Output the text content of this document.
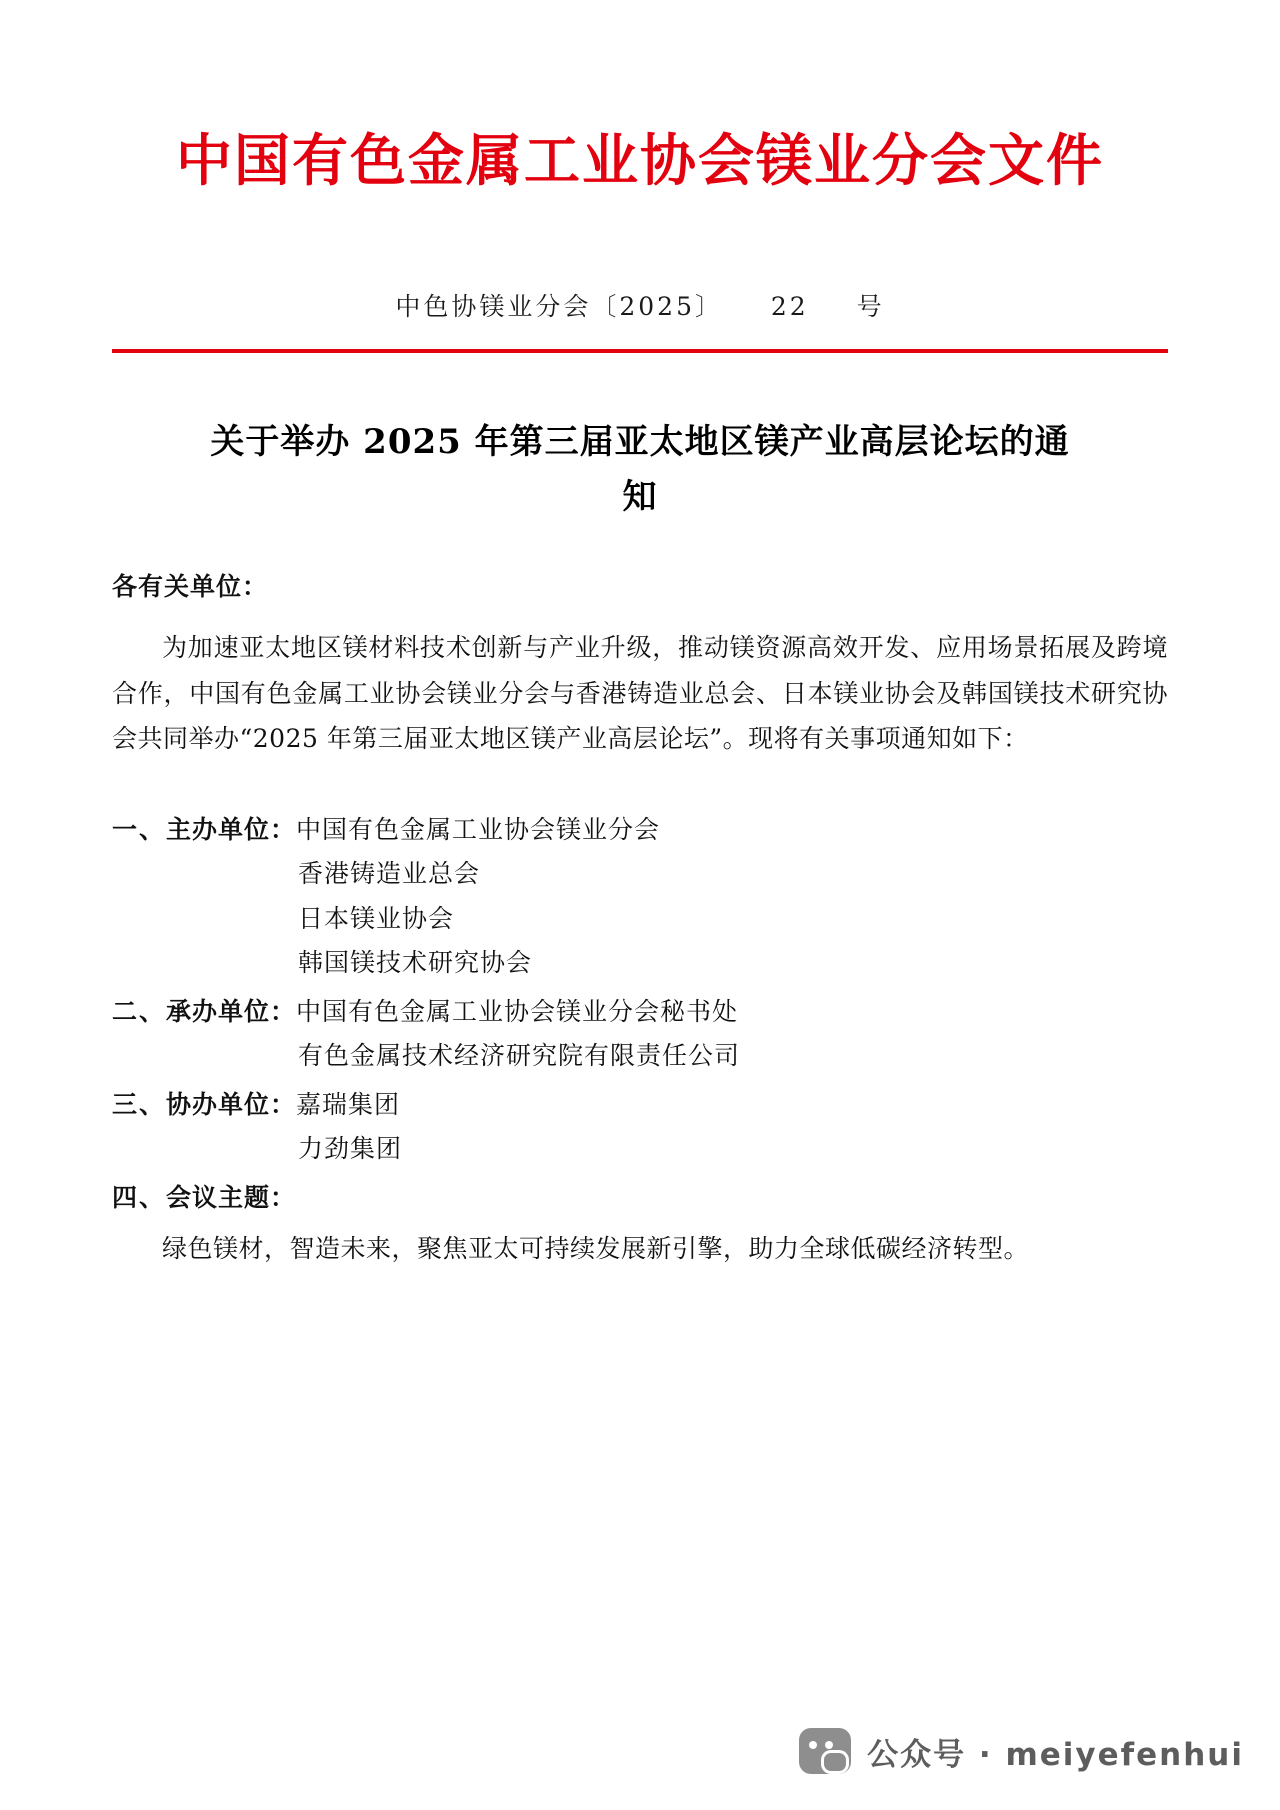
中国有色金属工业协会镁业分会文件
中色协镁业分会〔2025〕 22 号
关于举办 2025 年第三届亚太地区镁产业高层论坛的通知
各有关单位：
为加速亚太地区镁材料技术创新与产业升级，推动镁资源高效开发、应用场景拓展及跨境合作，中国有色金属工业协会镁业分会与香港铸造业总会、日本镁业协会及韩国镁技术研究协会共同举办“2025 年第三届亚太地区镁产业高层论坛”。现将有关事项通知如下：
一、 主办单位： 中国有色金属工业协会镁业分会
香港铸造业总会
日本镁业协会
韩国镁技术研究协会
二、 承办单位： 中国有色金属工业协会镁业分会秘书处
有色金属技术经济研究院有限责任公司
三、 协办单位： 嘉瑞集团
力劲集团
四、 会议主题：
绿色镁材，智造未来，聚焦亚太可持续发展新引擎，助力全球低碳经济转型。
公众号 · meiyefenhui
